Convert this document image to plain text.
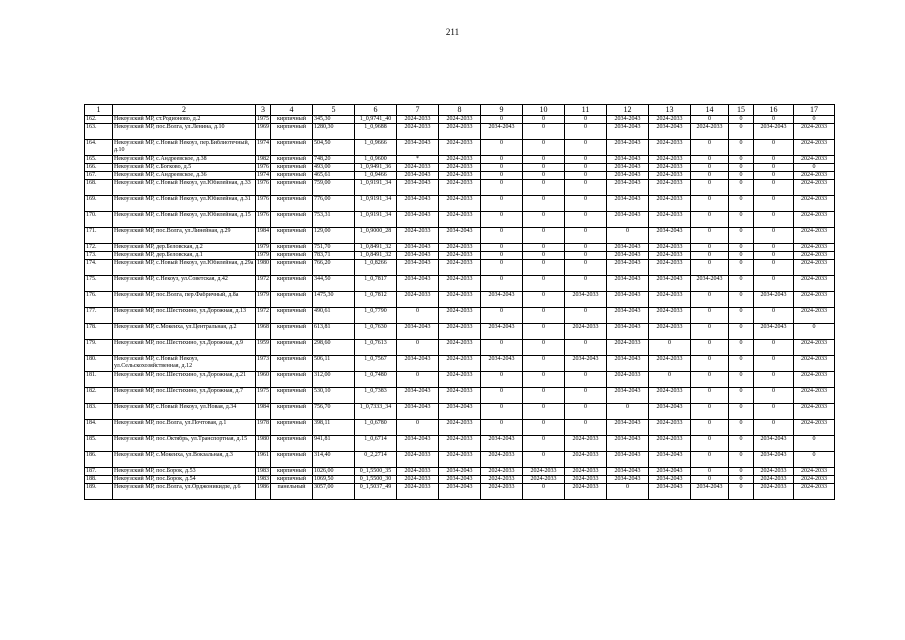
211
1	2	3	4	5	6	7	8	9	10	11	12	13	14	15	16	17
162.	Некоузский МР, ст.Родионово, д.2	1975	кирпичный	345,30	1_0,9741_40	2024-2033	2024-2033	0	0	0	2034-2043	2024-2033	0	0	0	0
163.	Некоузский МР, пос.Волга, ул.Ленина, д.10	1969	кирпичный	1280,30	1_0,9688	2024-2033	2024-2033	2034-2043	0	0	2034-2043	2034-2043	2024-2033	0	2034-2043	2024-2033
164.	Некоузский МР, с.Новый Некоуз, пер.Библиотечный, д.10	1974	кирпичный	504,50	1_0,9666	2034-2043	2024-2033	0	0	0	2034-2043	2024-2033	0	0	0	2024-2033
165.	Некоузский МР, с.Андреевское, д.38	1982	кирпичный	748,20	1_0,9600	*	2024-2033	0	0	0	2034-2043	2024-2033	0	0	0	2024-2033
166.	Некоузский МР, с.Богково, д.5	1976	кирпичный	493,00	1_0,9491_36	2024-2033	2024-2033	0	0	0	2034-2043	2024-2033	0	0	0	0
167.	Некоузский МР, с.Андреевское, д.36	1974	кирпичный	465,61	1_0,9466	2034-2043	2024-2033	0	0	0	2034-2043	2024-2033	0	0	0	2024-2033
168.	Некоузский МР, с.Новый Некоуз, ул.Юбилейная, д.33	1976	кирпичный	759,00	1_0,9191_34	2034-2043	2024-2033	0	0	0	2034-2043	2024-2033	0	0	0	2024-2033
169.	Некоузский МР, с.Новый Некоуз, ул.Юбилейная, д.31	1976	кирпичный	776,00	1_0,9191_34	2034-2043	2024-2033	0	0	0	2034-2043	2024-2033	0	0	0	2024-2033
170.	Некоузский МР, с.Новый Некоуз, ул.Юбилейная, д.15	1976	кирпичный	753,31	1_0,9191_34	2034-2043	2024-2033	0	0	0	2034-2043	2024-2033	0	0	0	2024-2033
171.	Некоузский МР, пос.Волга, ул.Линейная, д.29	1984	кирпичный	129,00	1_0,9000_28	2024-2033	2034-2043	0	0	0	0	2034-2043	0	0	0	2024-2033
172.	Некоузский МР, дер.Беловская, д.2	1979	кирпичный	751,70	1_0,8491_32	2034-2043	2024-2033	0	0	0	2034-2043	2024-2033	0	0	0	2024-2033
173.	Некоузский МР, дер.Беловская, д.1	1979	кирпичный	783,71	1_0,8491_32	2034-2043	2024-2033	0	0	0	2034-2043	2024-2033	0	0	0	2024-2033
174.	Некоузский МР, с.Новый Некоуз, ул.Юбилейная, д.29а	1980	кирпичный	766,20	1_0,8266	2034-2043	2024-2033	0	0	0	2034-2043	2024-2033	0	0	0	2024-2033
175.	Некоузский МР, с.Некоуз, ул.Советская, д.42	1972	кирпичный	344,50	1_0,7817	2034-2043	2024-2033	0	0	0	2034-2043	2034-2043	2034-2043	0	0	2024-2033
176.	Некоузский МР, пос.Волга, пер.Фабричный, д.8а	1979	кирпичный	1475,30	1_0,7812	2024-2033	2024-2033	2034-2043	0	2034-2033	2034-2043	2024-2033	0	0	2034-2043	2024-2033
177.	Некоузский МР, пос.Шестихино, ул.Дорожная, д.13	1972	кирпичный	490,61	1_0,7790	0	2024-2033	0	0	0	2034-2043	2024-2033	0	0	0	2024-2033
178.	Некоузский МР, с.Мокеиха, ул.Центральная, д.2	1968	кирпичный	613,81	1_0,7630	2034-2043	2024-2033	2034-2043	0	2024-2033	2034-2043	2024-2033	0	0	2034-2043	0
179.	Некоузский МР, пос.Шестихино, ул.Дорожная, д.9	1959	кирпичный	298,60	1_0,7613	0	2024-2033	0	0	0	2024-2033	0	0	0	0	2024-2033
180.	Некоузский МР, с.Новый Некоуз, ул.Сельскохозяйственная, д.12	1973	кирпичный	506,11	1_0,7567	2034-2043	2024-2033	2034-2043	0	2034-2043	2034-2043	2024-2033	0	0	0	2024-2033
181.	Некоузский МР, пос.Шестихино, ул.Дорожная, д.21	1960	кирпичный	312,00	1_0,7480	0	2024-2033	0	0	0	2024-2033	0	0	0	0	2024-2033
182.	Некоузский МР, пос.Шестихино, ул.Дорожная, д.7	1975	кирпичный	530,10	1_0,7383	2034-2043	2024-2033	0	0	0	2034-2043	2024-2033	0	0	0	2024-2033
183.	Некоузский МР, с.Новый Некоуз, ул.Новая, д.34	1984	кирпичный	756,70	1_0,7333_34	2034-2043	2034-2043	0	0	0	0	2034-2043	0	0	0	2024-2033
184.	Некоузский МР, пос.Волга, ул.Почтовая, д.1	1978	кирпичный	398,11	1_0,6780	0	2024-2033	0	0	0	2034-2043	2024-2033	0	0	0	2024-2033
185.	Некоузский МР, пос.Октябрь, ул.Транспортная, д.15	1980	кирпичный	941,81	1_0,6714	2034-2043	2024-2033	2034-2043	0	2024-2033	2034-2043	2024-2033	0	0	2034-2043	0
186.	Некоузский МР, с.Мокеиха, ул.Вокзальная, д.3	1961	кирпичный	314,40	0_2,2714	2024-2033	2024-2033	2024-2033	0	2024-2033	2034-2043	2034-2043	0	0	2034-2043	0
187.	Некоузский МР, пос.Борок, д.53	1983	кирпичный	1026,00	0_1,5500_35	2024-2033	2034-2043	2024-2033	2024-2033	2024-2033	2034-2043	2034-2043	0	0	2024-2033	2024-2033
188.	Некоузский МР, пос.Борок, д.54	1983	кирпичный	1069,50	0_1,5500_30	2024-2033	2034-2043	2024-2033	2024-2033	2024-2033	2034-2043	2034-2043	0	0	2024-2033	2024-2033
189.	Некоузский МР, пос.Волга, ул.Орджоникидзе, д.6	1986	панельный	3057,00	0_1,5037_49	2024-2033	2034-2043	2024-2033	0	2024-2033	0	2034-2043	2034-2043	0	2024-2033	2024-2033
